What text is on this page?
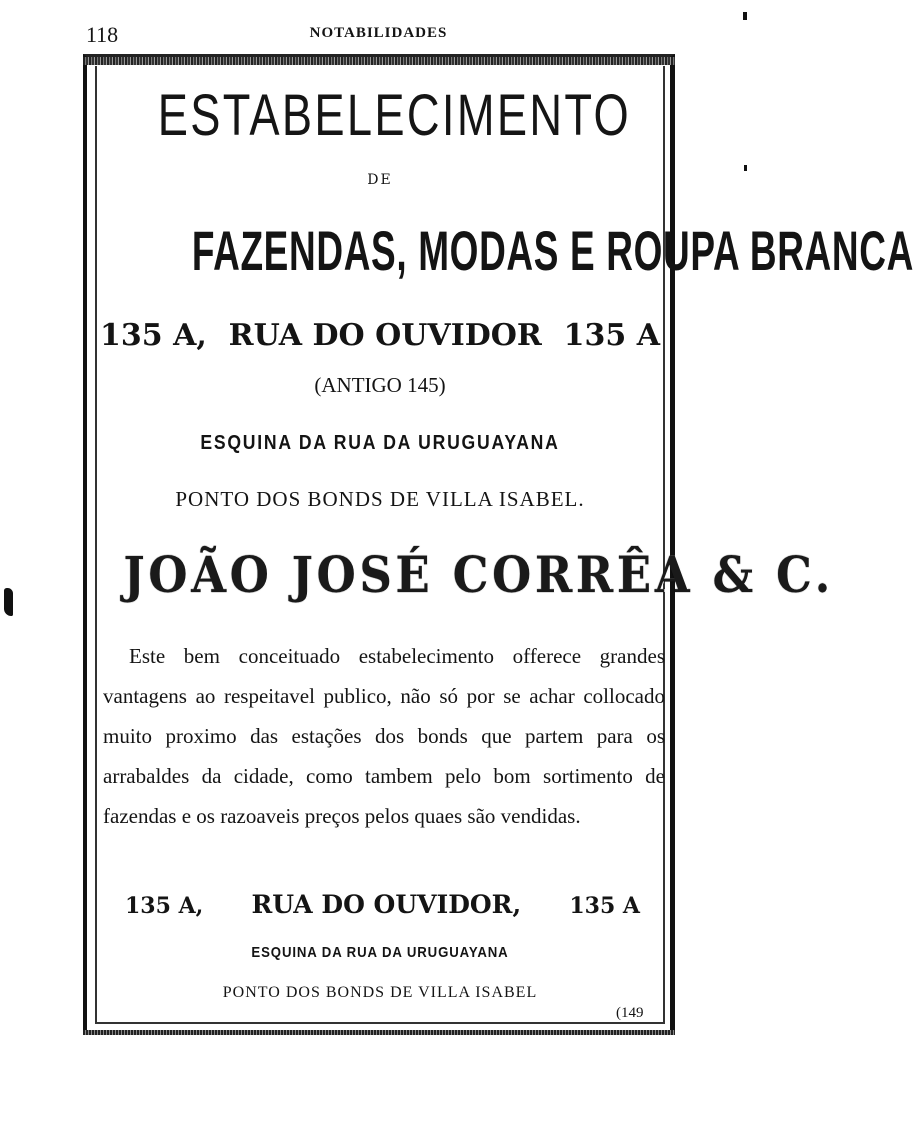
118	NOTABILIDADES
ESTABELECIMENTO
DE
FAZENDAS, MODAS E ROUPA BRANCA
135 A, RUA DO OUVIDOR 135 A
(ANTIGO 145)
ESQUINA DA RUA DA URUGUAYANA
PONTO DOS BONDS DE VILLA ISABEL.
JOÃO JOSÉ CORRÊA & C.

Este bem conceituado estabelecimento offerece grandes vantagens ao respeitavel publico, não só por se achar collocado muito proximo das estações dos bonds que partem para os arrabaldes da cidade, como tambem pelo bom sortimento de fazendas e os razoaveis preços pelos quaes são vendidas.

135 A, RUA DO OUVIDOR, 135 A
ESQUINA DA RUA DA URUGUAYANA
PONTO DOS BONDS DE VILLA ISABEL
(149
